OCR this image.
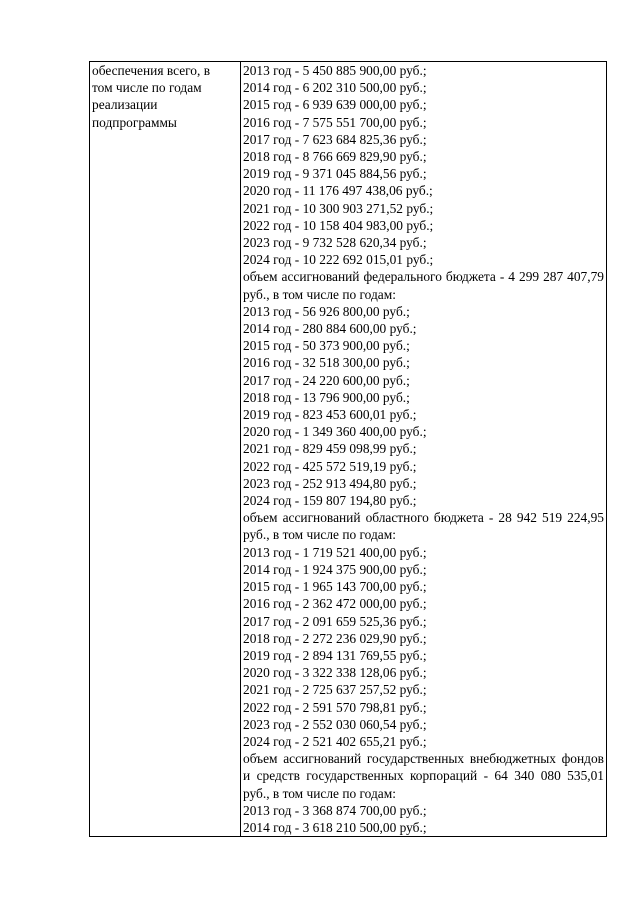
обеспечения всего, в
том числе по годам
реализации
подпрограммы

2013 год - 5 450 885 900,00 руб.;
2014 год - 6 202 310 500,00 руб.;
2015 год - 6 939 639 000,00 руб.;
2016 год - 7 575 551 700,00 руб.;
2017 год - 7 623 684 825,36 руб.;
2018 год - 8 766 669 829,90 руб.;
2019 год - 9 371 045 884,56 руб.;
2020 год - 11 176 497 438,06 руб.;
2021 год - 10 300 903 271,52 руб.;
2022 год - 10 158 404 983,00 руб.;
2023 год - 9 732 528 620,34 руб.;
2024 год - 10 222 692 015,01 руб.;
объем ассигнований федерального бюджета - 4 299 287 407,79 руб., в том числе по годам:
2013 год - 56 926 800,00 руб.;
2014 год - 280 884 600,00 руб.;
2015 год - 50 373 900,00 руб.;
2016 год - 32 518 300,00 руб.;
2017 год - 24 220 600,00 руб.;
2018 год - 13 796 900,00 руб.;
2019 год - 823 453 600,01 руб.;
2020 год - 1 349 360 400,00 руб.;
2021 год - 829 459 098,99 руб.;
2022 год - 425 572 519,19 руб.;
2023 год - 252 913 494,80 руб.;
2024 год - 159 807 194,80 руб.;
объем ассигнований областного бюджета - 28 942 519 224,95 руб., в том числе по годам:
2013 год - 1 719 521 400,00 руб.;
2014 год - 1 924 375 900,00 руб.;
2015 год - 1 965 143 700,00 руб.;
2016 год - 2 362 472 000,00 руб.;
2017 год - 2 091 659 525,36 руб.;
2018 год - 2 272 236 029,90 руб.;
2019 год - 2 894 131 769,55 руб.;
2020 год - 3 322 338 128,06 руб.;
2021 год - 2 725 637 257,52 руб.;
2022 год - 2 591 570 798,81 руб.;
2023 год - 2 552 030 060,54 руб.;
2024 год - 2 521 402 655,21 руб.;
объем ассигнований государственных внебюджетных фондов и средств государственных корпораций - 64 340 080 535,01 руб., в том числе по годам:
2013 год - 3 368 874 700,00 руб.;
2014 год - 3 618 210 500,00 руб.;
